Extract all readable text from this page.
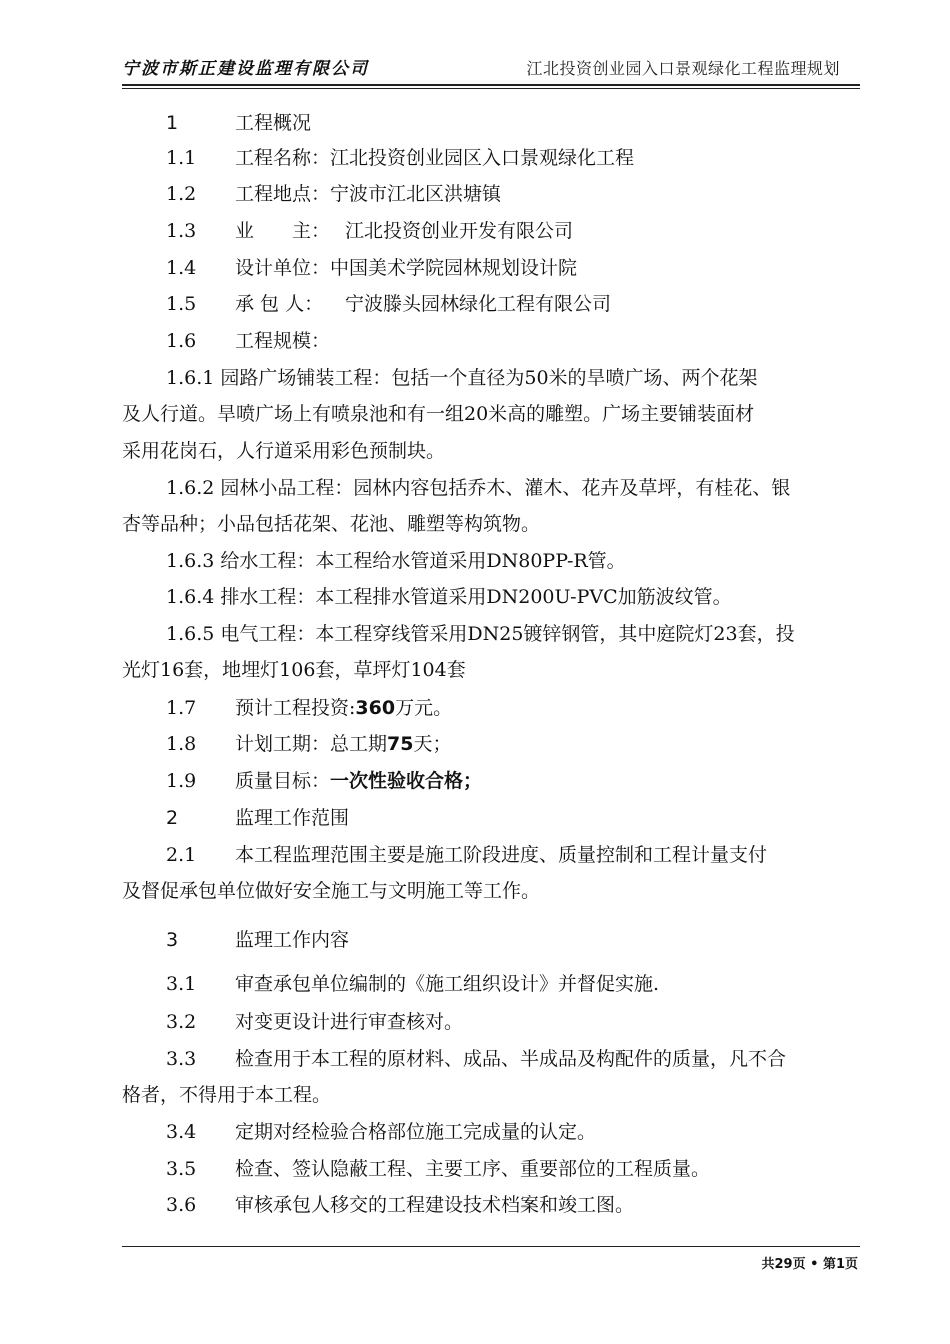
宁波市斯正建设监理有限公司	江北投资创业园入口景观绿化工程监理规划
1	工程概况
1.1 工程名称：江北投资创业园区入口景观绿化工程
1.2 工程地点：宁波市江北区洪塘镇
1.3 业　　主： 江北投资创业开发有限公司
1.4 设计单位：中国美术学院园林规划设计院
1.5 承 包 人： 宁波滕头园林绿化工程有限公司
1.6 工程规模：
1.6.1 园路广场铺装工程：包括一个直径为50米的旱喷广场、两个花架
及人行道。旱喷广场上有喷泉池和有一组20米高的雕塑。广场主要铺装面材
采用花岗石，人行道采用彩色预制块。
1.6.2 园林小品工程：园林内容包括乔木、灌木、花卉及草坪，有桂花、银
杏等品种；小品包括花架、花池、雕塑等构筑物。
1.6.3 给水工程：本工程给水管道采用DN80PP-R管。
1.6.4 排水工程：本工程排水管道采用DN200U-PVC加筋波纹管。
1.6.5 电气工程：本工程穿线管采用DN25镀锌钢管，其中庭院灯23套，投
光灯16套，地埋灯106套，草坪灯104套
1.7 预计工程投资:360万元。
1.8 计划工期：总工期75天；
1.9 质量目标：一次性验收合格；
2	监理工作范围
2.1 本工程监理范围主要是施工阶段进度、质量控制和工程计量支付
及督促承包单位做好安全施工与文明施工等工作。
3	监理工作内容
3.1 审查承包单位编制的《施工组织设计》并督促实施.
3.2 对变更设计进行审查核对。
3.3 检查用于本工程的原材料、成品、半成品及构配件的质量，凡不合
格者，不得用于本工程。
3.4 定期对经检验合格部位施工完成量的认定。
3.5 检查、签认隐蔽工程、主要工序、重要部位的工程质量。
3.6 审核承包人移交的工程建设技术档案和竣工图。
共29页 • 第1页
